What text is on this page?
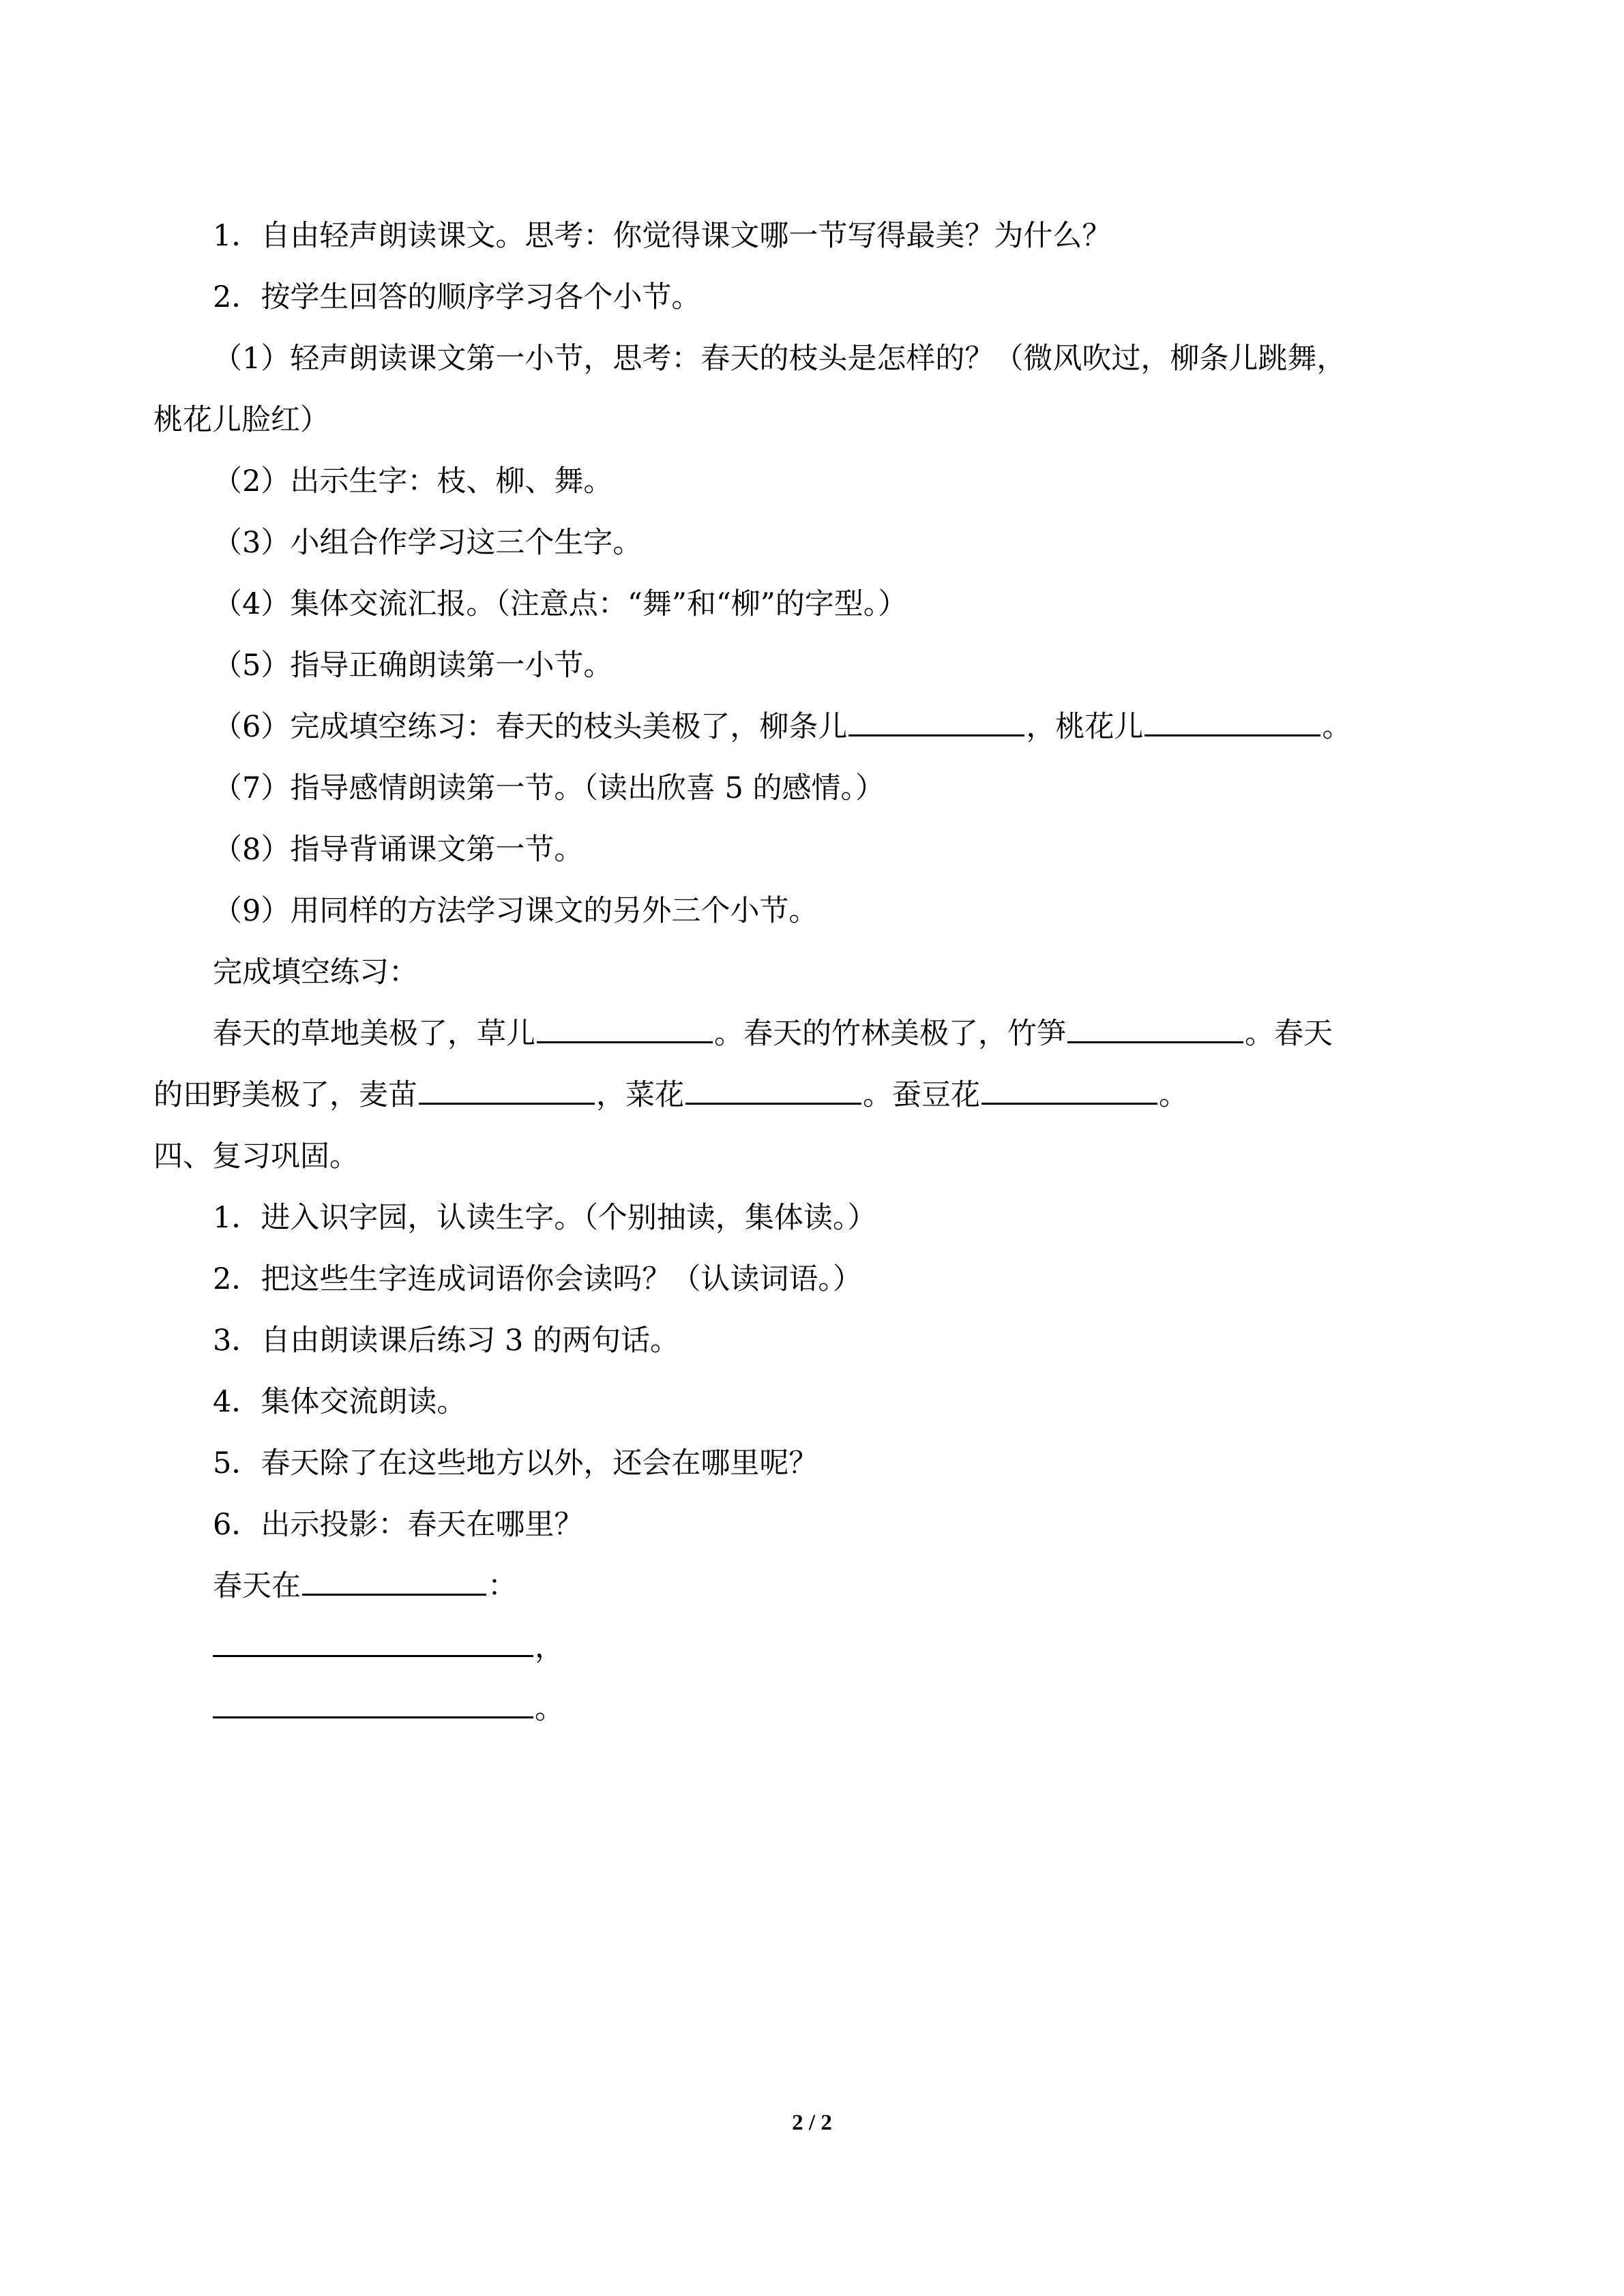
1．自由轻声朗读课文。思考：你觉得课文哪一节写得最美？为什么？
2．按学生回答的顺序学习各个小节。
（1）轻声朗读课文第一小节，思考：春天的枝头是怎样的？（微风吹过，柳条儿跳舞，
桃花儿脸红）
（2）出示生字：枝、柳、舞。
（3）小组合作学习这三个生字。
（4）集体交流汇报。（注意点：“舞”和“柳”的字型。）
（5）指导正确朗读第一小节。
（6）完成填空练习：春天的枝头美极了，柳条儿	，桃花儿	。
（7）指导感情朗读第一节。（读出欣喜 5 的感情。）
（8）指导背诵课文第一节。
（9）用同样的方法学习课文的另外三个小节。
完成填空练习：
春天的草地美极了，草儿	。春天的竹林美极了，竹笋	。春天
的田野美极了，麦苗	，菜花	。蚕豆花	。
四、复习巩固。
1．进入识字园，认读生字。（个别抽读，集体读。）
2．把这些生字连成词语你会读吗？（认读词语。）
3．自由朗读课后练习 3 的两句话。
4．集体交流朗读。
5．春天除了在这些地方以外，还会在哪里呢？
6．出示投影：春天在哪里？
春天在	：
，
。
2 / 2
